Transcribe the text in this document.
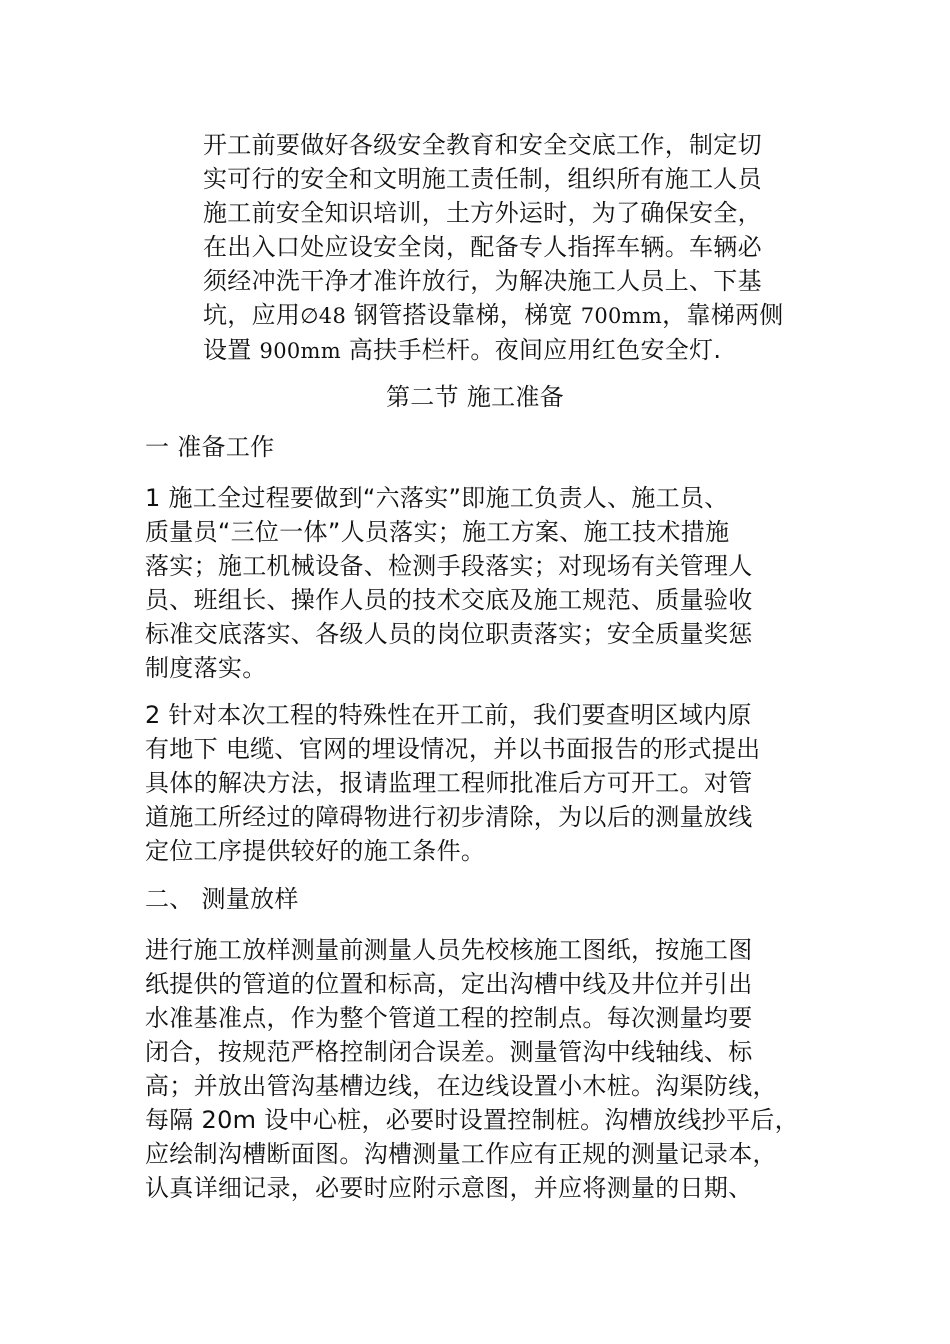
开工前要做好各级安全教育和安全交底工作，制定切
实可行的安全和文明施工责任制，组织所有施工人员
施工前安全知识培训，土方外运时，为了确保安全，
在出入口处应设安全岗，配备专人指挥车辆。车辆必
须经冲洗干净才准许放行，为解决施工人员上、下基
坑，应用∅48 钢管搭设靠梯，梯宽 700mm，靠梯两侧
设置 900mm 高扶手栏杆。夜间应用红色安全灯.
第二节 施工准备
一 准备工作
1 施工全过程要做到“六落实”即施工负责人、施工员、
质量员“三位一体”人员落实；施工方案、施工技术措施
落实；施工机械设备、检测手段落实；对现场有关管理人
员、班组长、操作人员的技术交底及施工规范、质量验收
标准交底落实、各级人员的岗位职责落实；安全质量奖惩
制度落实。
2 针对本次工程的特殊性在开工前，我们要查明区域内原
有地下 电缆、官网的埋设情况，并以书面报告的形式提出
具体的解决方法，报请监理工程师批准后方可开工。对管
道施工所经过的障碍物进行初步清除，为以后的测量放线
定位工序提供较好的施工条件。
二、 测量放样
进行施工放样测量前测量人员先校核施工图纸，按施工图
纸提供的管道的位置和标高，定出沟槽中线及井位并引出
水准基准点，作为整个管道工程的控制点。每次测量均要
闭合，按规范严格控制闭合误差。测量管沟中线轴线、标
高；并放出管沟基槽边线，在边线设置小木桩。沟渠防线，
每隔 20m 设中心桩，必要时设置控制桩。沟槽放线抄平后，
应绘制沟槽断面图。沟槽测量工作应有正规的测量记录本，
认真详细记录，必要时应附示意图，并应将测量的日期、
